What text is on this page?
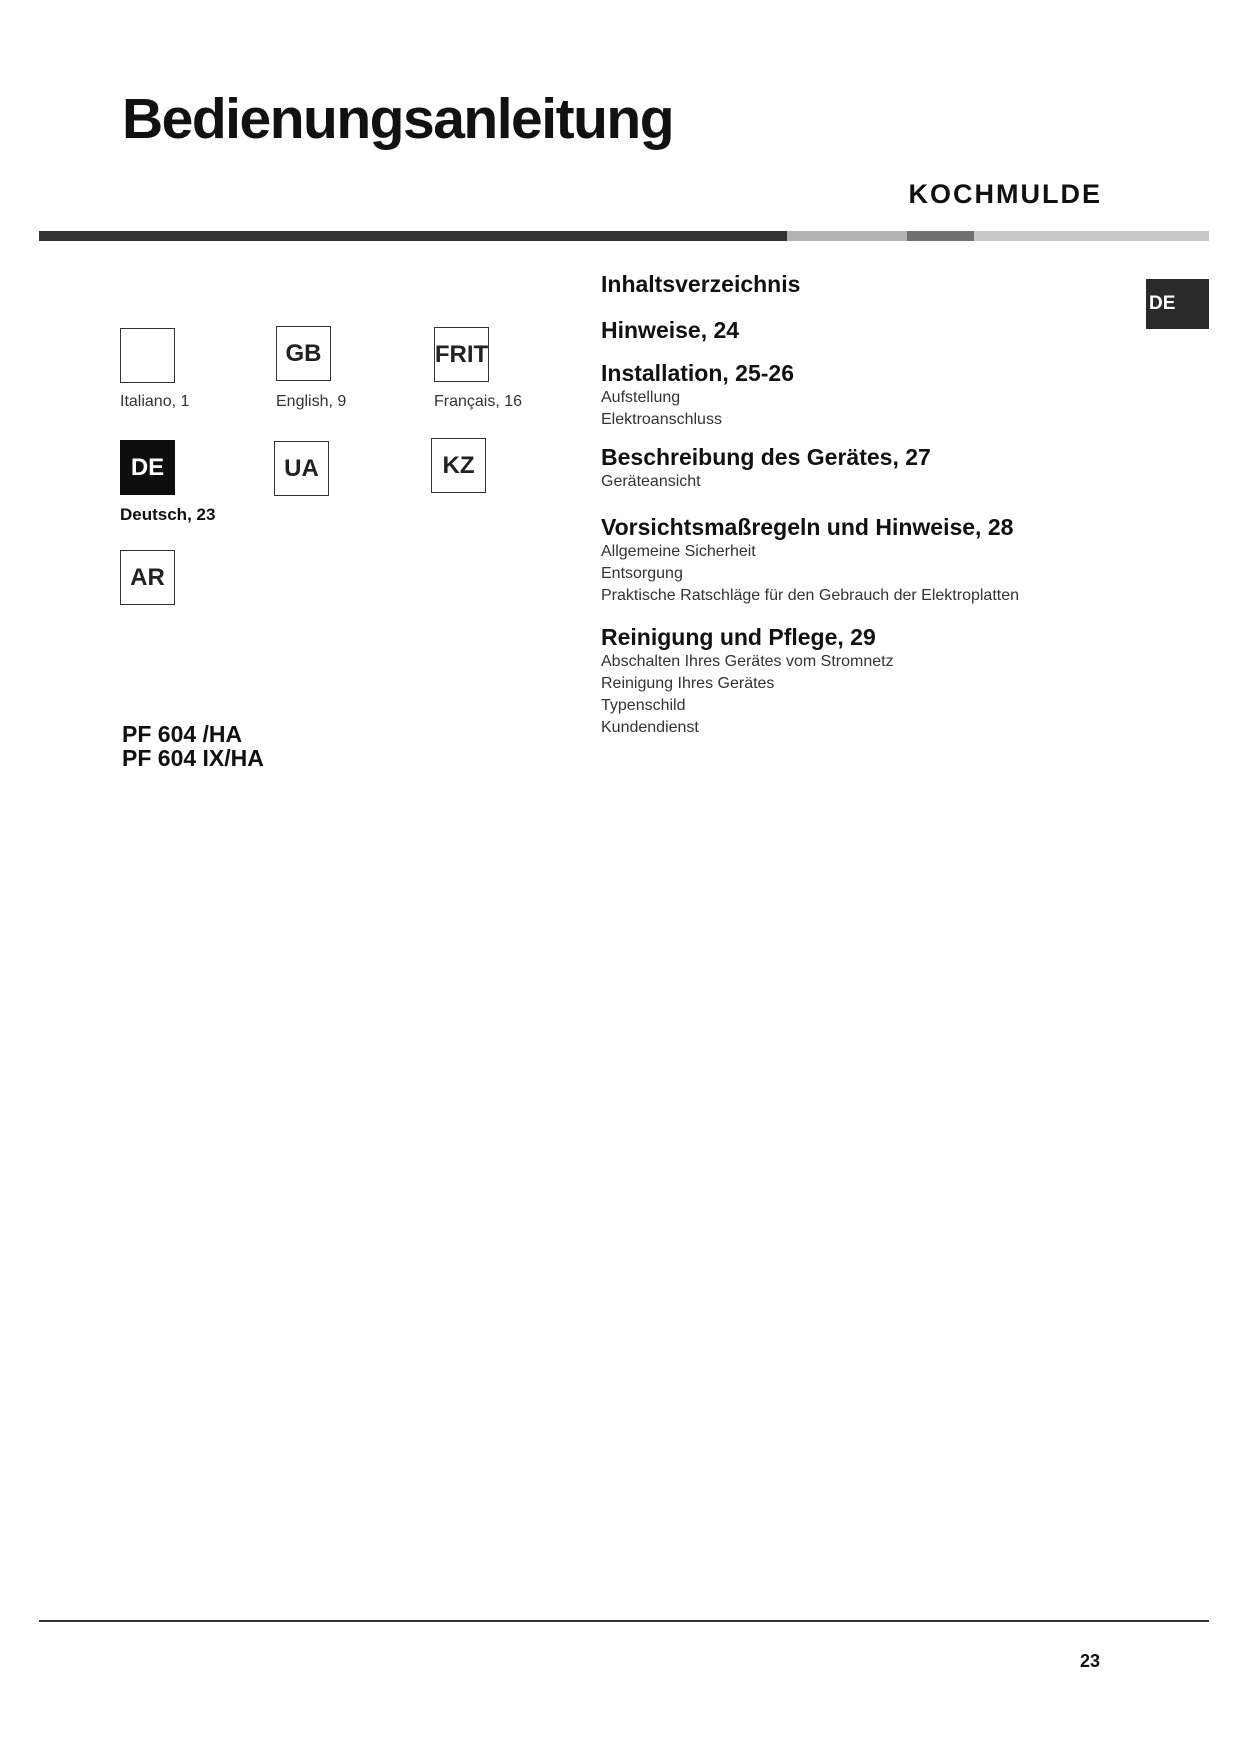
Bedienungsanleitung
KOCHMULDE
Italiano, 1
GB
English, 9
FRIT
Français, 16
DE
Deutsch, 23
UA	KZ
AR
PF 604 /HA
PF 604 IX/HA
Inhaltsverzeichnis
Hinweise, 24
Installation, 25-26
Aufstellung
Elektroanschluss
Beschreibung des Gerätes, 27
Geräteansicht
Vorsichtsmaßregeln und Hinweise, 28
Allgemeine Sicherheit
Entsorgung
Praktische Ratschläge für den Gebrauch der Elektroplatten
Reinigung und Pflege, 29
Abschalten Ihres Gerätes vom Stromnetz
Reinigung Ihres Gerätes
Typenschild
Kundendienst
DE
23
